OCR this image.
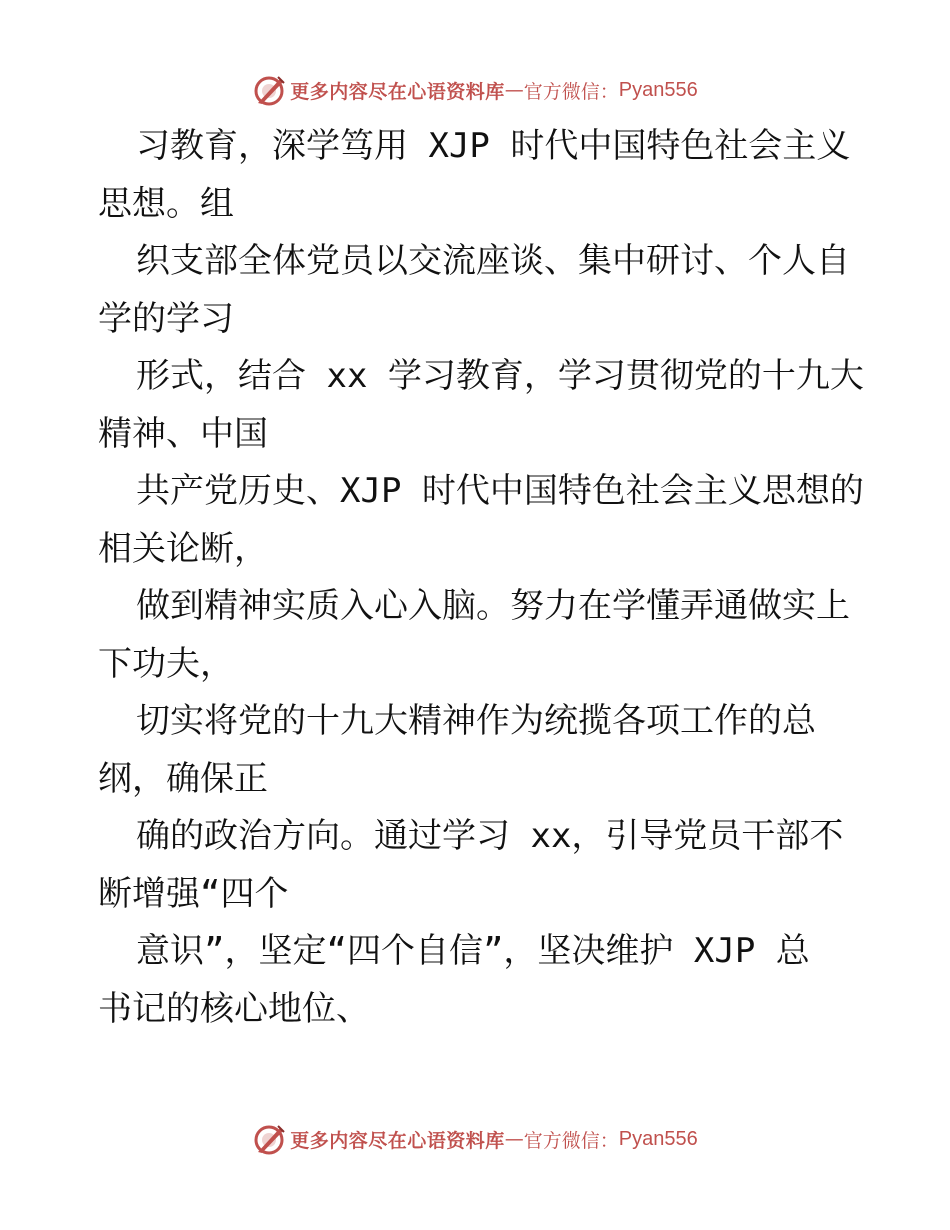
更多内容尽在心语资料库 — 官方微信： Pyan556
习教育，深学笃用 XJP 时代中国特色社会主义
思想。组
织支部全体党员以交流座谈、集中研讨、个人自
学的学习
形式，结合 xx 学习教育，学习贯彻党的十九大
精神、中国
共产党历史、XJP 时代中国特色社会主义思想的
相关论断，
做到精神实质入心入脑。努力在学懂弄通做实上
下功夫，
切实将党的十九大精神作为统揽各项工作的总
纲，确保正
确的政治方向。通过学习 xx，引导党员干部不
断增强“四个
意识”，坚定“四个自信”，坚决维护 XJP 总
书记的核心地位、
更多内容尽在心语资料库 — 官方微信： Pyan556
